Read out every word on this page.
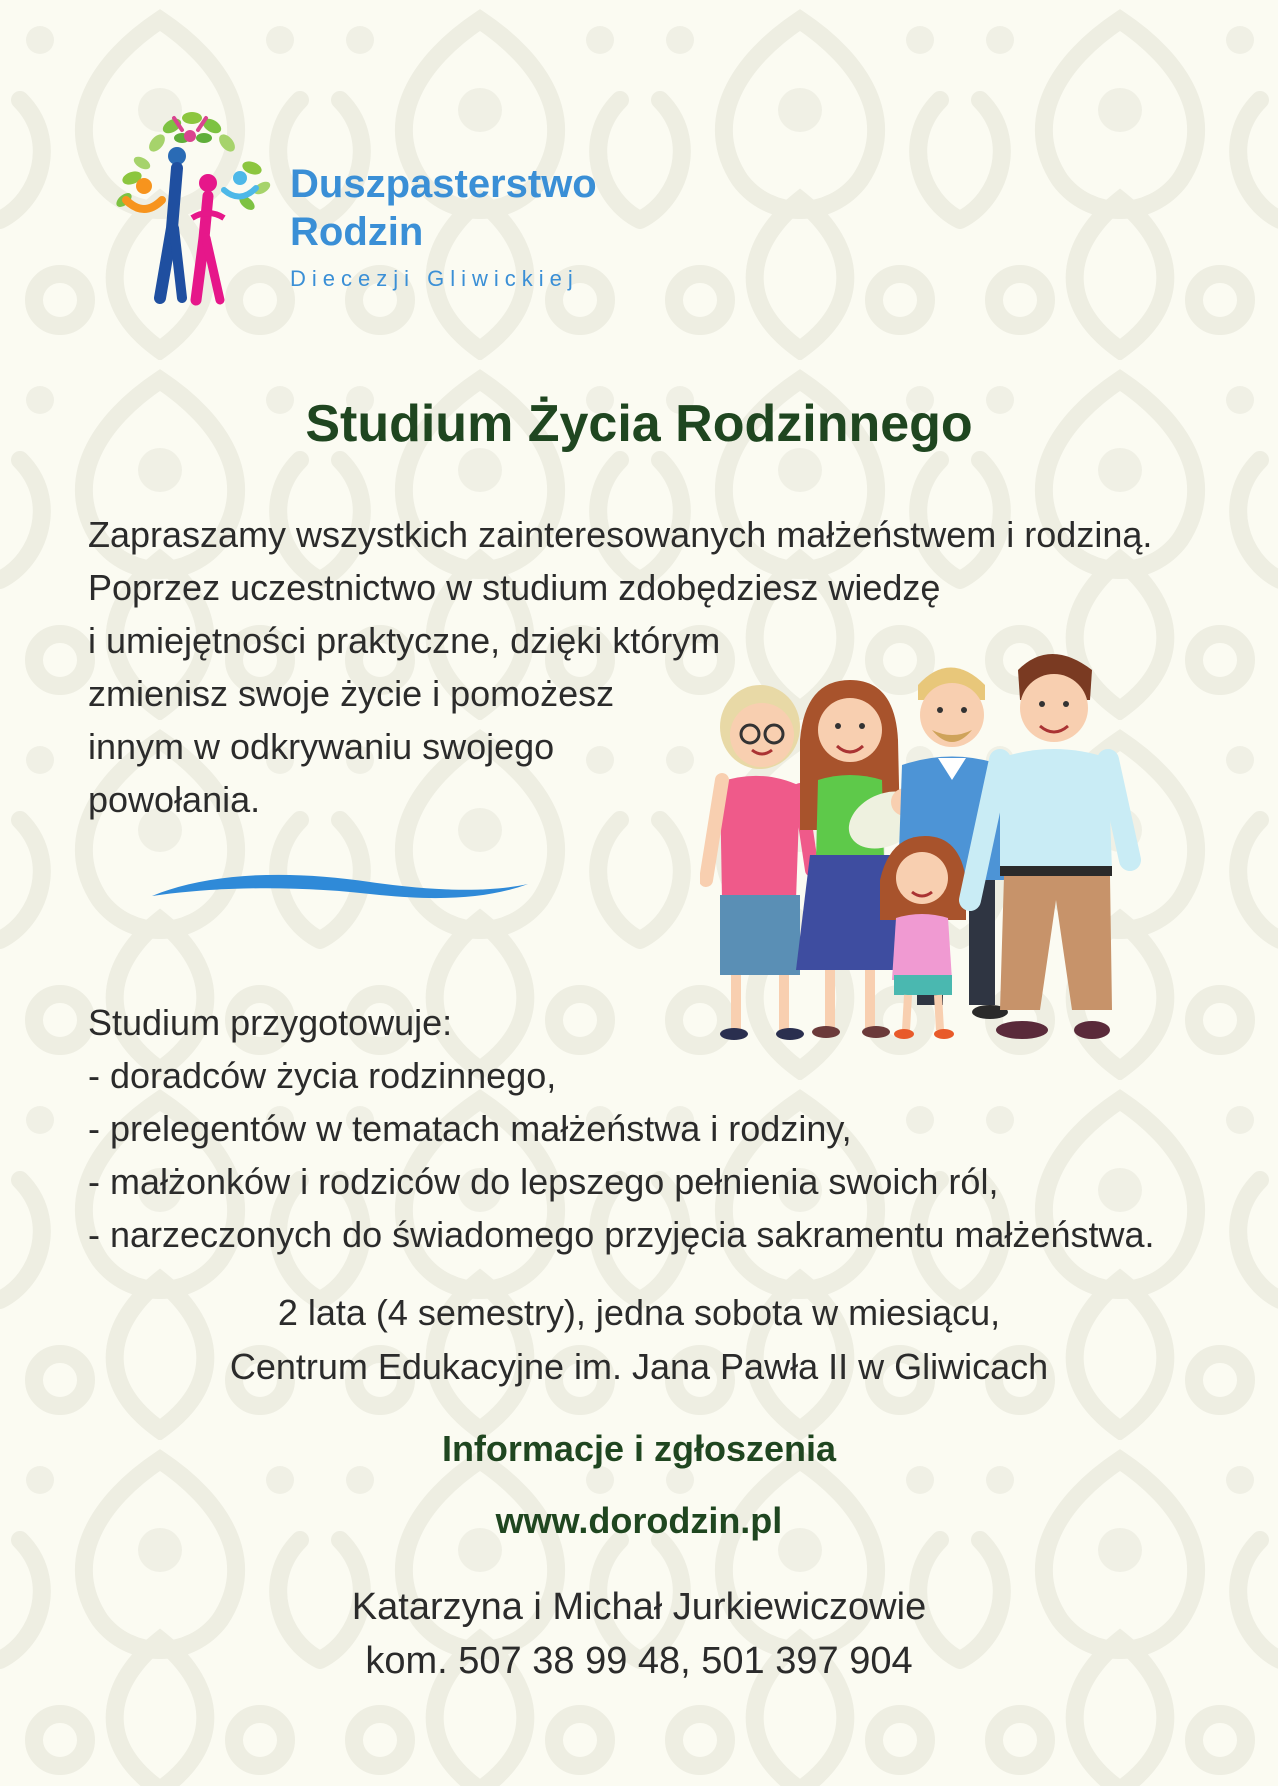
Duszpasterstwo
Rodzin
Diecezji Gliwickiej
Studium Życia Rodzinnego

Zapraszamy wszystkich zainteresowanych małżeństwem i rodziną.
Poprzez uczestnictwo w studium zdobędziesz wiedzę
i umiejętności praktyczne, dzięki którym
zmienisz swoje życie i pomożesz
innym w odkrywaniu swojego
powołania.

Studium przygotowuje:
- doradców życia rodzinnego,
- prelegentów w tematach małżeństwa i rodziny,
- małżonków i rodziców do lepszego pełnienia swoich ról,
- narzeczonych do świadomego przyjęcia sakramentu małżeństwa.

2 lata (4 semestry), jedna sobota w miesiącu,
Centrum Edukacyjne im. Jana Pawła II w Gliwicach
Informacje i zgłoszenia
www.dorodzin.pl
Katarzyna i Michał Jurkiewiczowie
kom. 507 38 99 48, 501 397 904
